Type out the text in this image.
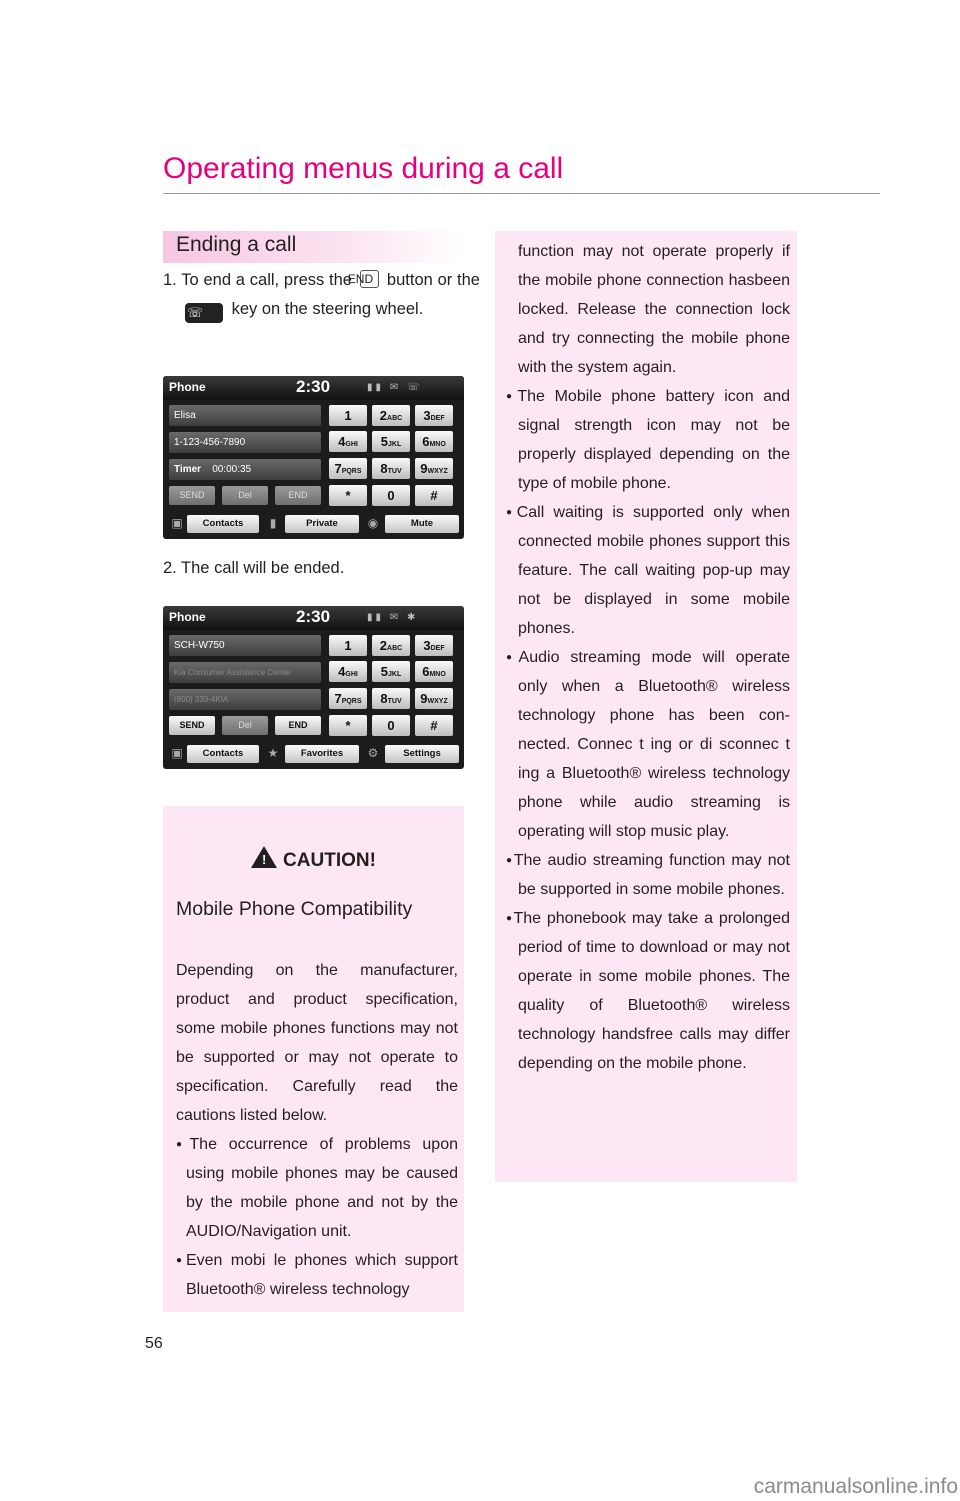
Operating menus during a call
Ending a call
1. To end a call, press the END button or the ☏ key on the steering wheel.
Phone	2:30	▮▮ ✉ ☏
Elisa
1-123-456-7890
Timer 00:00:35
1	2ABC	3DEF
4GHI	5JKL	6MNO
7PQRS	8TUV	9WXYZ
SEND	Del	END	*	0	#
▣	Contacts	▮	Private	◉	Mute
2. The call will be ended.
Phone	2:30	▮▮ ✉ ✱
SCH-W750
Kia Consumer Assistance Center
(800) 333-4KIA
1	2ABC	3DEF
4GHI	5JKL	6MNO
7PQRS	8TUV	9WXYZ
SEND	Del	END	*	0	#
▣	Contacts	★	Favorites	⚙	Settings
! CAUTION!
Mobile Phone Compatibility

Depending on the manufacturer, product and product specification, some mobile phones functions may not be supported or may not operate to specification. Carefully read the cautions listed below.

● The occurrence of problems upon using mobile phones may be caused by the mobile phone and not by the AUDIO/Navigation unit.

● Even mobi le phones which support Bluetooth® wireless technology

function may not operate properly if the mobile phone connection hasbeen locked. Release the connection lock and try connecting the mobile phone with the system again.

● The Mobile phone battery icon and signal strength icon may not be properly displayed depending on the type of mobile phone.

● Call waiting is supported only when connected mobile phones support this feature. The call waiting pop-up may not be displayed in some mobile phones.

● Audio streaming mode will operate only when a Bluetooth® wireless technology phone has been connected. Connec t ing or di sconnec t ing a Bluetooth® wireless technology phone while audio streaming is operating will stop music play.

● The audio streaming function may not be supported in some mobile phones.

● The phonebook may take a prolonged period of time to download or may not operate in some mobile phones. The quality of Bluetooth® wireless technology handsfree calls may differ depending on the mobile phone.

56
carmanualsonline.info
